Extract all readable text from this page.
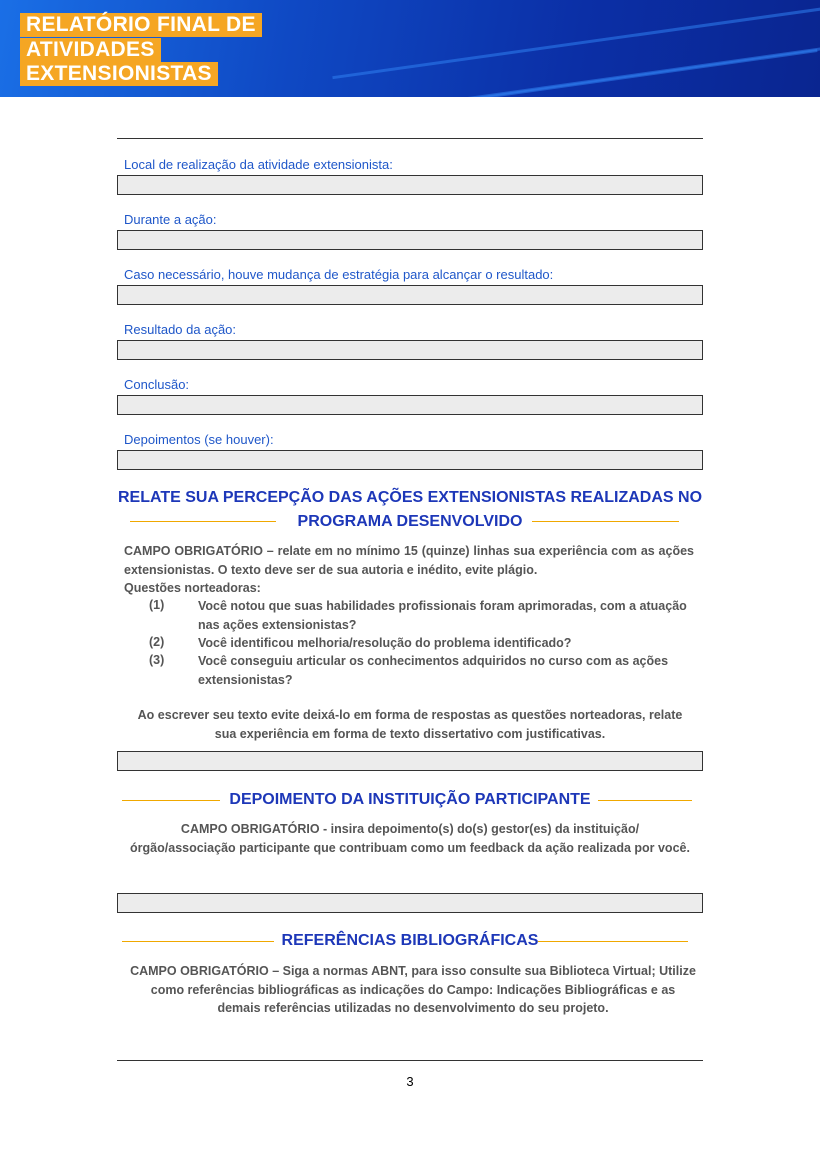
RELATÓRIO FINAL DE
ATIVIDADES
EXTENSIONISTAS
Local de realização da atividade extensionista:
Durante a ação:
Caso necessário, houve mudança de estratégia para alcançar o resultado:
Resultado da ação:
Conclusão:
Depoimentos (se houver):
RELATE SUA PERCEPÇÃO DAS AÇÕES EXTENSIONISTAS REALIZADAS NO
PROGRAMA DESENVOLVIDO
CAMPO OBRIGATÓRIO – relate em no mínimo 15 (quinze) linhas sua experiência com as ações extensionistas. O texto deve ser de sua autoria e inédito, evite plágio.
Questões norteadoras:
(1)	Você notou que suas habilidades profissionais foram aprimoradas, com a atuação nas ações extensionistas?
(2)	Você identificou melhoria/resolução do problema identificado?
(3)	Você conseguiu articular os conhecimentos adquiridos no curso com as ações extensionistas?
Ao escrever seu texto evite deixá-lo em forma de respostas as questões norteadoras, relate sua experiência em forma de texto dissertativo com justificativas.
DEPOIMENTO DA INSTITUIÇÃO PARTICIPANTE
CAMPO OBRIGATÓRIO - insira depoimento(s) do(s) gestor(es) da instituição/órgão/associação participante que contribuam como um feedback da ação realizada por você.
REFERÊNCIAS BIBLIOGRÁFICAS
CAMPO OBRIGATÓRIO – Siga a normas ABNT, para isso consulte sua Biblioteca Virtual; Utilize como referências bibliográficas as indicações do Campo: Indicações Bibliográficas e as demais referências utilizadas no desenvolvimento do seu projeto.
3
